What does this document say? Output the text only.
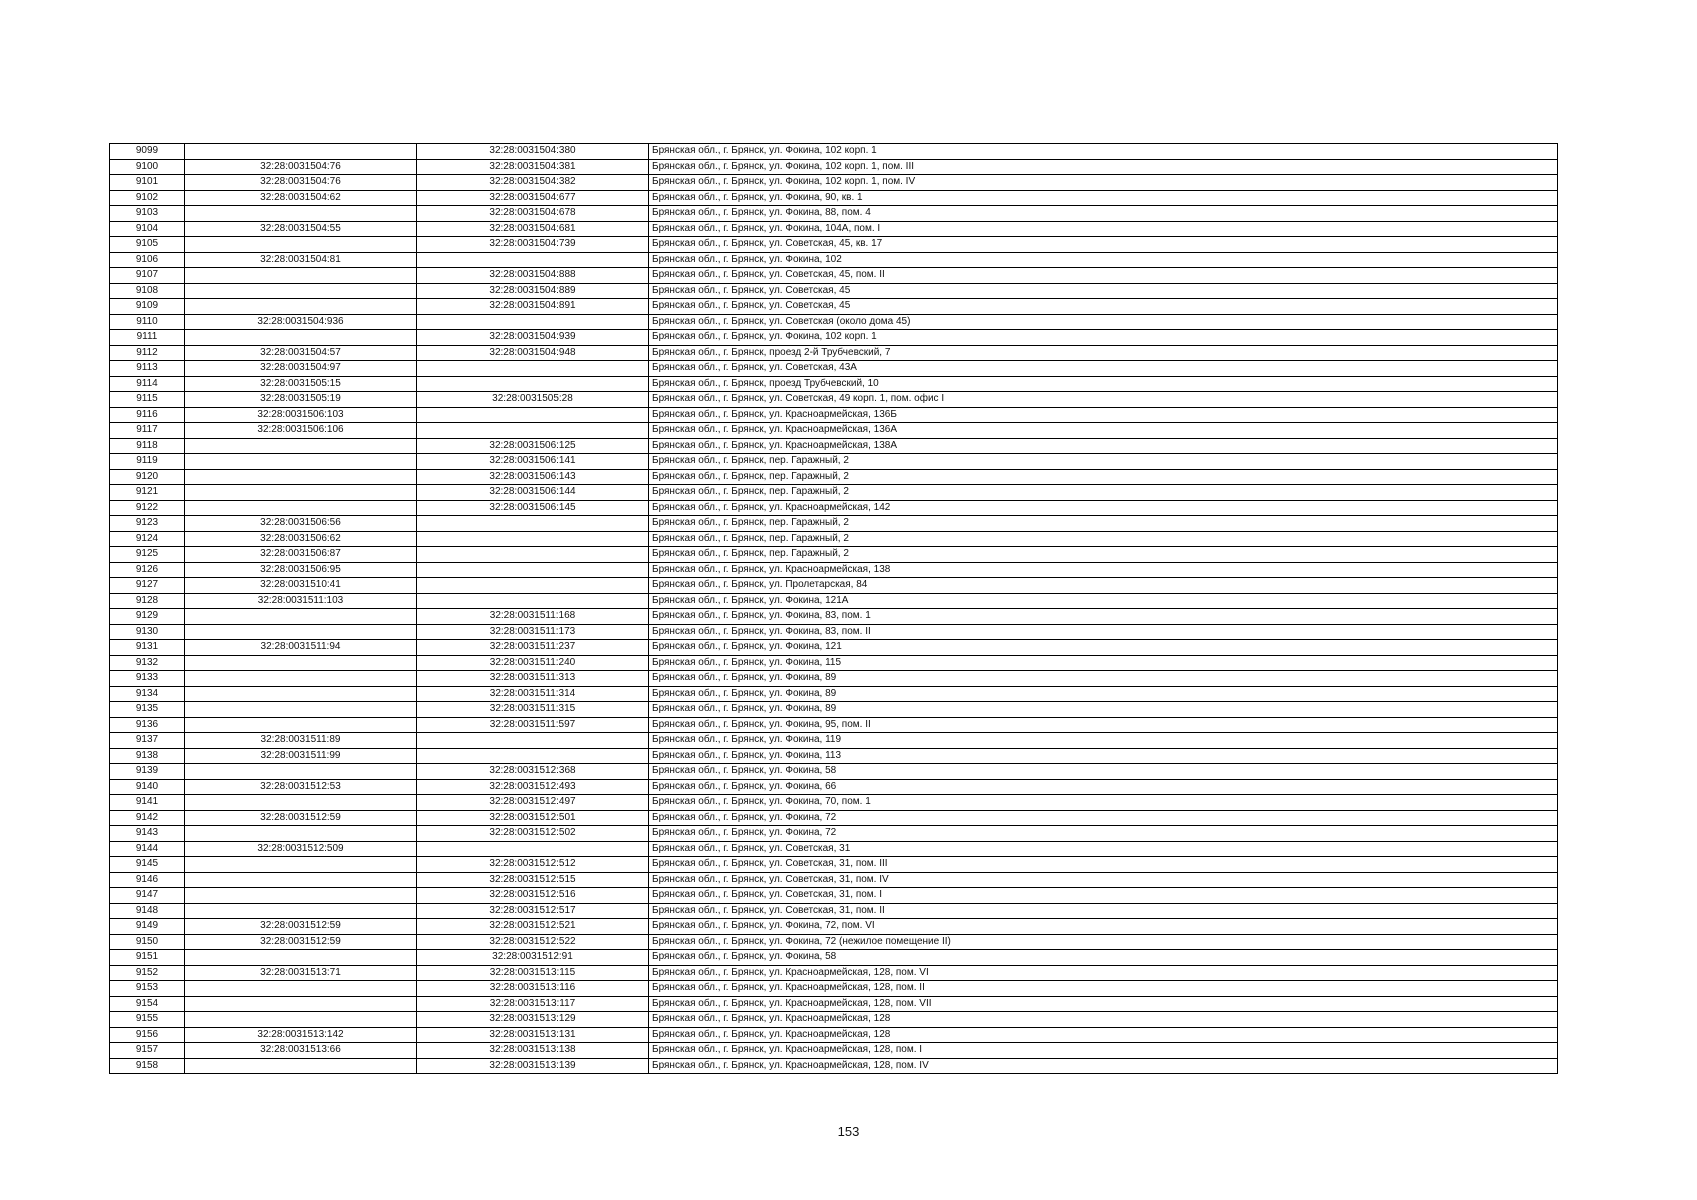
9099		32:28:0031504:380	Брянская обл., г. Брянск, ул. Фокина, 102 корп. 1
9100	32:28:0031504:76	32:28:0031504:381	Брянская обл., г. Брянск, ул. Фокина, 102 корп. 1, пом. III
9101	32:28:0031504:76	32:28:0031504:382	Брянская обл., г. Брянск, ул. Фокина, 102 корп. 1, пом. IV
9102	32:28:0031504:62	32:28:0031504:677	Брянская обл., г. Брянск, ул. Фокина, 90, кв. 1
9103		32:28:0031504:678	Брянская обл., г. Брянск, ул. Фокина, 88, пом. 4
9104	32:28:0031504:55	32:28:0031504:681	Брянская обл., г. Брянск, ул. Фокина, 104А, пом. I
9105		32:28:0031504:739	Брянская обл., г. Брянск, ул. Советская, 45, кв. 17
9106	32:28:0031504:81		Брянская обл., г. Брянск, ул. Фокина, 102
9107		32:28:0031504:888	Брянская обл., г. Брянск, ул. Советская, 45, пом. II
9108		32:28:0031504:889	Брянская обл., г. Брянск, ул. Советская, 45
9109		32:28:0031504:891	Брянская обл., г. Брянск, ул. Советская, 45
9110	32:28:0031504:936		Брянская обл., г. Брянск, ул. Советская (около дома 45)
9111		32:28:0031504:939	Брянская обл., г. Брянск, ул. Фокина, 102 корп. 1
9112	32:28:0031504:57	32:28:0031504:948	Брянская обл., г. Брянск, проезд 2-й Трубчевский, 7
9113	32:28:0031504:97		Брянская обл., г. Брянск, ул. Советская, 43А
9114	32:28:0031505:15		Брянская обл., г. Брянск, проезд Трубчевский, 10
9115	32:28:0031505:19	32:28:0031505:28	Брянская обл., г. Брянск, ул. Советская, 49 корп. 1, пом. офис I
9116	32:28:0031506:103		Брянская обл., г. Брянск, ул. Красноармейская, 136Б
9117	32:28:0031506:106		Брянская обл., г. Брянск, ул. Красноармейская, 136А
9118		32:28:0031506:125	Брянская обл., г. Брянск, ул. Красноармейская, 138А
9119		32:28:0031506:141	Брянская обл., г. Брянск, пер. Гаражный, 2
9120		32:28:0031506:143	Брянская обл., г. Брянск, пер. Гаражный, 2
9121		32:28:0031506:144	Брянская обл., г. Брянск, пер. Гаражный, 2
9122		32:28:0031506:145	Брянская обл., г. Брянск, ул. Красноармейская, 142
9123	32:28:0031506:56		Брянская обл., г. Брянск, пер. Гаражный, 2
9124	32:28:0031506:62		Брянская обл., г. Брянск, пер. Гаражный, 2
9125	32:28:0031506:87		Брянская обл., г. Брянск, пер. Гаражный, 2
9126	32:28:0031506:95		Брянская обл., г. Брянск, ул. Красноармейская, 138
9127	32:28:0031510:41		Брянская обл., г. Брянск, ул. Пролетарская, 84
9128	32:28:0031511:103		Брянская обл., г. Брянск, ул. Фокина, 121А
9129		32:28:0031511:168	Брянская обл., г. Брянск, ул. Фокина, 83, пом. 1
9130		32:28:0031511:173	Брянская обл., г. Брянск, ул. Фокина, 83, пом. II
9131	32:28:0031511:94	32:28:0031511:237	Брянская обл., г. Брянск, ул. Фокина, 121
9132		32:28:0031511:240	Брянская обл., г. Брянск, ул. Фокина, 115
9133		32:28:0031511:313	Брянская обл., г. Брянск, ул. Фокина, 89
9134		32:28:0031511:314	Брянская обл., г. Брянск, ул. Фокина, 89
9135		32:28:0031511:315	Брянская обл., г. Брянск, ул. Фокина, 89
9136		32:28:0031511:597	Брянская обл., г. Брянск, ул. Фокина, 95, пом. II
9137	32:28:0031511:89		Брянская обл., г. Брянск, ул. Фокина, 119
9138	32:28:0031511:99		Брянская обл., г. Брянск, ул. Фокина, 113
9139		32:28:0031512:368	Брянская обл., г. Брянск, ул. Фокина, 58
9140	32:28:0031512:53	32:28:0031512:493	Брянская обл., г. Брянск, ул. Фокина, 66
9141		32:28:0031512:497	Брянская обл., г. Брянск, ул. Фокина, 70, пом. 1
9142	32:28:0031512:59	32:28:0031512:501	Брянская обл., г. Брянск, ул. Фокина, 72
9143		32:28:0031512:502	Брянская обл., г. Брянск, ул. Фокина, 72
9144	32:28:0031512:509		Брянская обл., г. Брянск, ул. Советская, 31
9145		32:28:0031512:512	Брянская обл., г. Брянск, ул. Советская, 31, пом. III
9146		32:28:0031512:515	Брянская обл., г. Брянск, ул. Советская, 31, пом. IV
9147		32:28:0031512:516	Брянская обл., г. Брянск, ул. Советская, 31, пом. I
9148		32:28:0031512:517	Брянская обл., г. Брянск, ул. Советская, 31, пом. II
9149	32:28:0031512:59	32:28:0031512:521	Брянская обл., г. Брянск, ул. Фокина, 72, пом. VI
9150	32:28:0031512:59	32:28:0031512:522	Брянская обл., г. Брянск, ул. Фокина, 72 (нежилое помещение II)
9151		32:28:0031512:91	Брянская обл., г. Брянск, ул. Фокина, 58
9152	32:28:0031513:71	32:28:0031513:115	Брянская обл., г. Брянск, ул. Красноармейская, 128, пом. VI
9153		32:28:0031513:116	Брянская обл., г. Брянск, ул. Красноармейская, 128, пом. II
9154		32:28:0031513:117	Брянская обл., г. Брянск, ул. Красноармейская, 128, пом. VII
9155		32:28:0031513:129	Брянская обл., г. Брянск, ул. Красноармейская, 128
9156	32:28:0031513:142	32:28:0031513:131	Брянская обл., г. Брянск, ул. Красноармейская, 128
9157	32:28:0031513:66	32:28:0031513:138	Брянская обл., г. Брянск, ул. Красноармейская, 128, пом. I
9158		32:28:0031513:139	Брянская обл., г. Брянск, ул. Красноармейская, 128, пом. IV
153
